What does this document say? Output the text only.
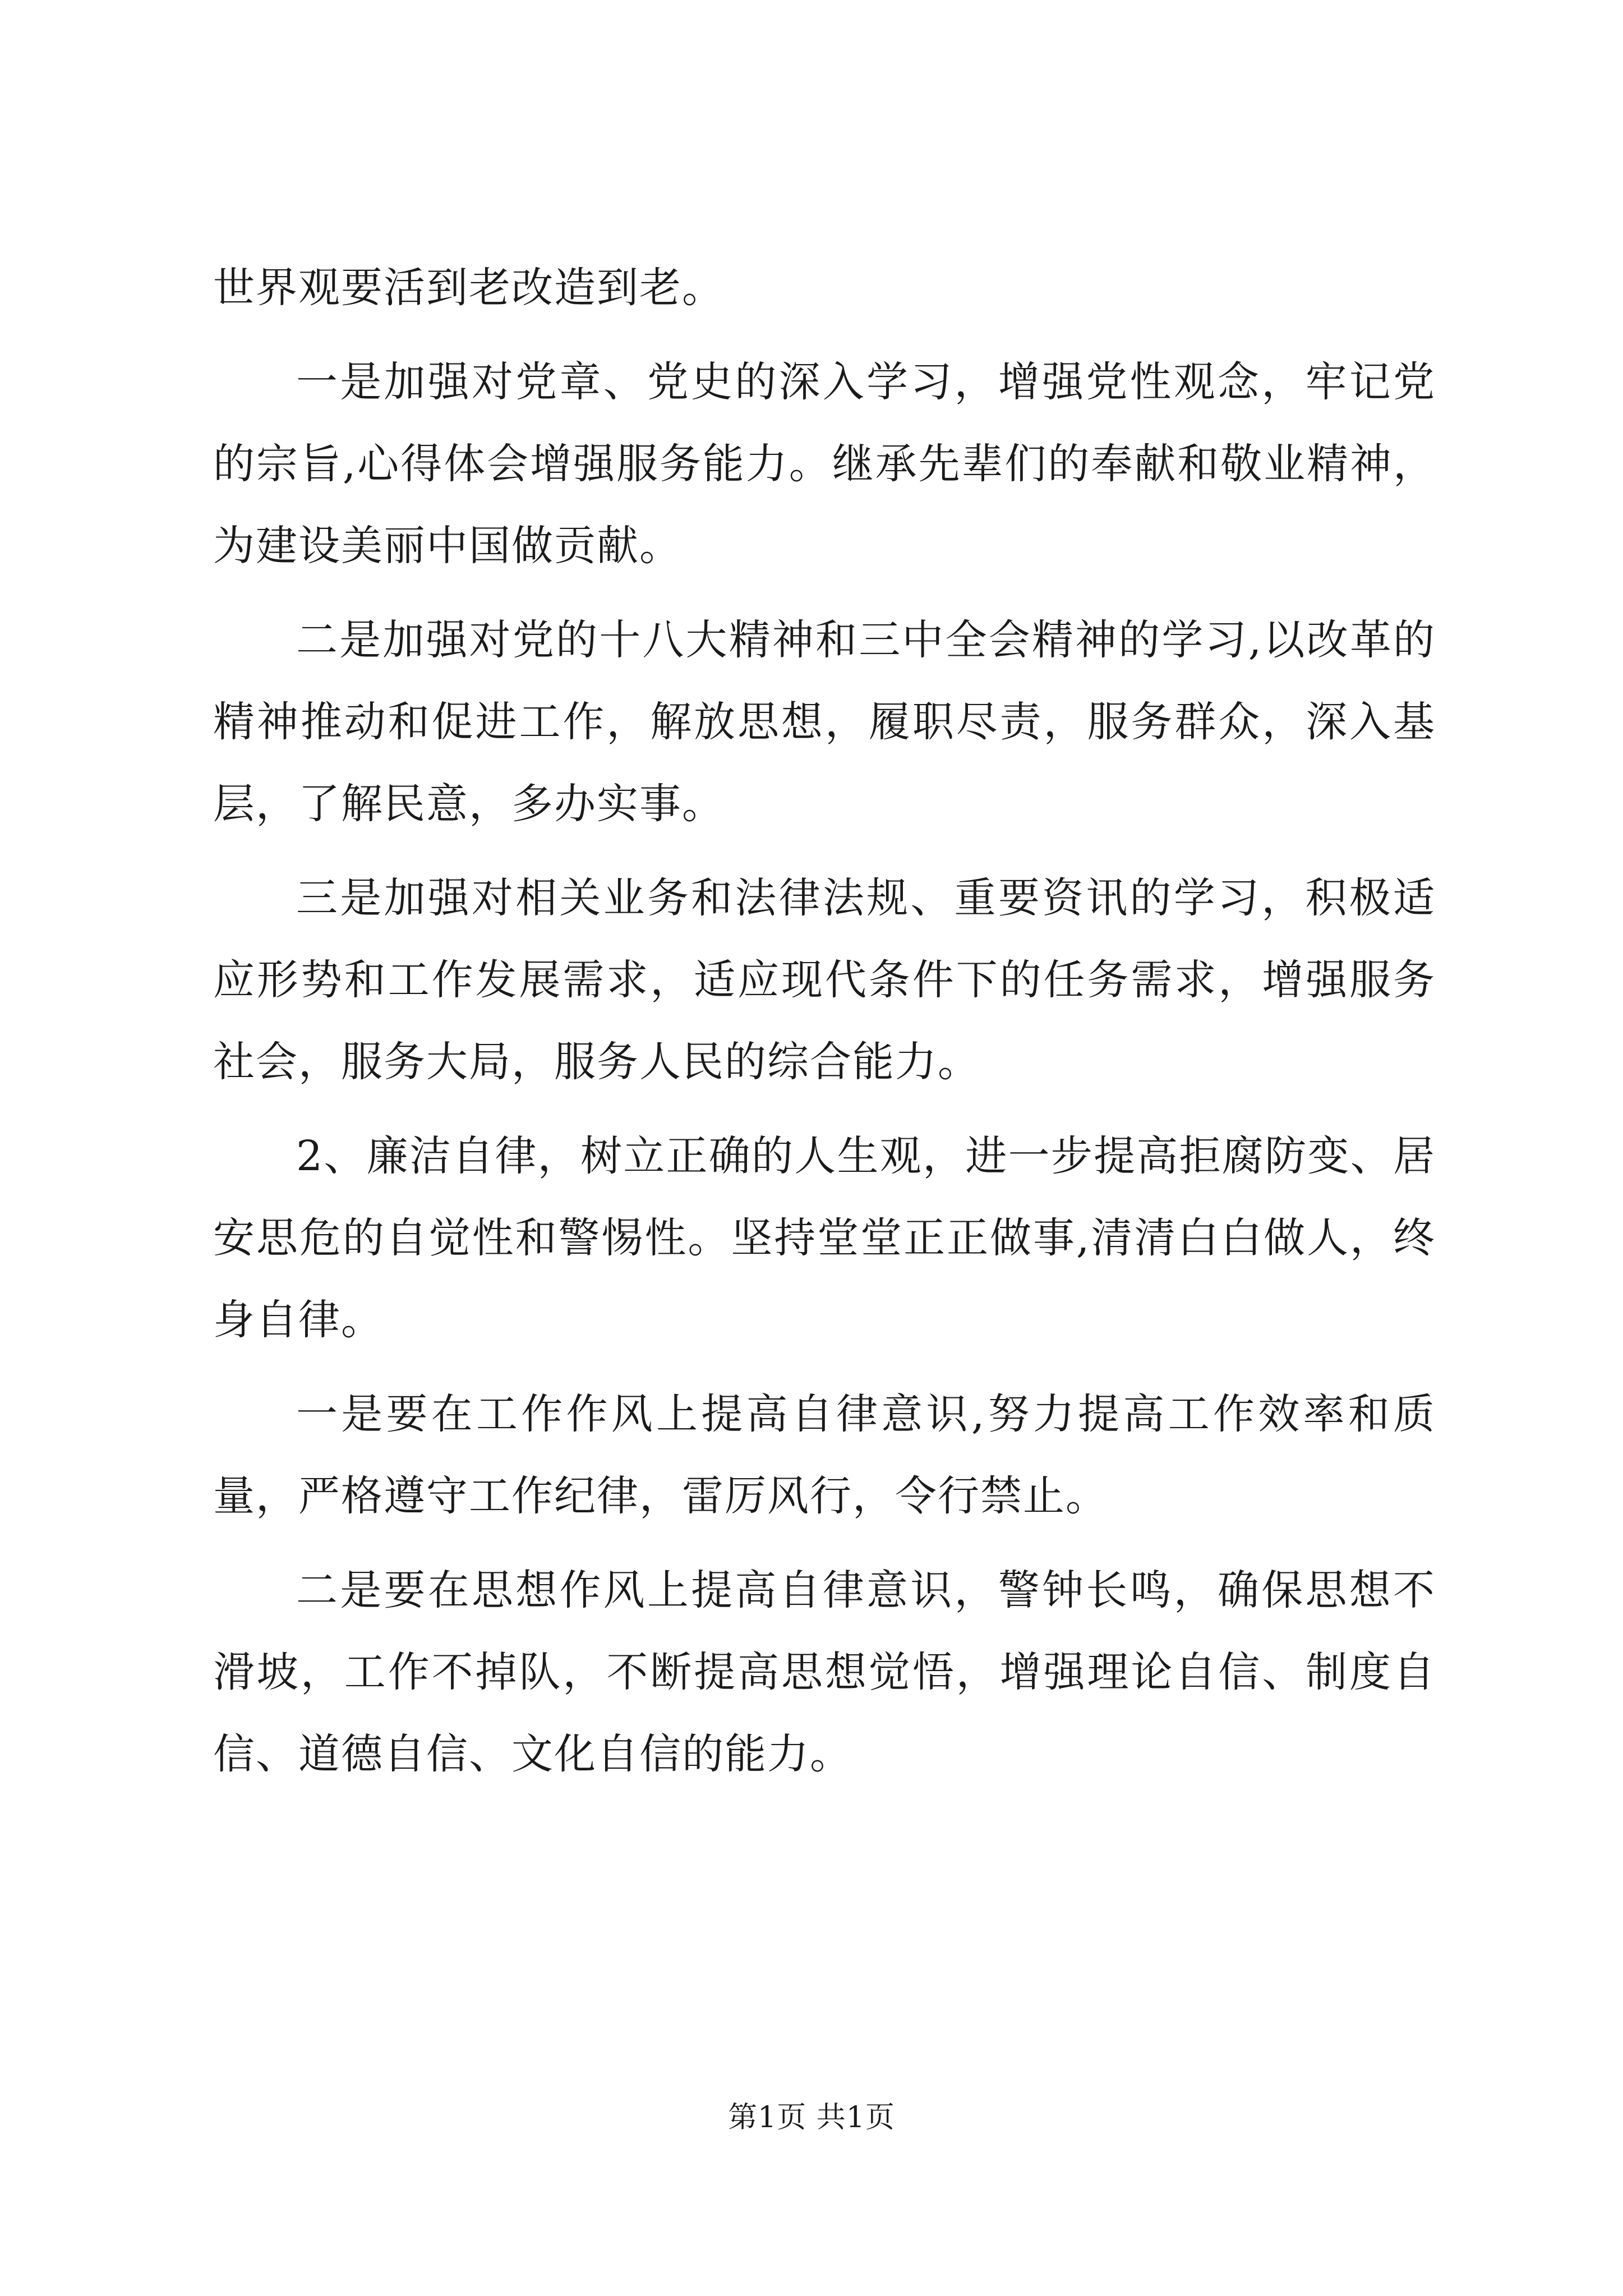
世界观要活到老改造到老。

一是加强对党章、党史的深入学习，增强党性观念，牢记党的宗旨,心得体会增强服务能力。继承先辈们的奉献和敬业精神，为建设美丽中国做贡献。

二是加强对党的十八大精神和三中全会精神的学习,以改革的精神推动和促进工作，解放思想，履职尽责，服务群众，深入基层，了解民意，多办实事。

三是加强对相关业务和法律法规、重要资讯的学习，积极适应形势和工作发展需求，适应现代条件下的任务需求，增强服务社会，服务大局，服务人民的综合能力。

2、廉洁自律，树立正确的人生观，进一步提高拒腐防变、居安思危的自觉性和警惕性。坚持堂堂正正做事,清清白白做人，终身自律。

一是要在工作作风上提高自律意识,努力提高工作效率和质量，严格遵守工作纪律，雷厉风行，令行禁止。

二是要在思想作风上提高自律意识，警钟长鸣，确保思想不滑坡，工作不掉队，不断提高思想觉悟，增强理论自信、制度自信、道德自信、文化自信的能力。

第1页 共1页
